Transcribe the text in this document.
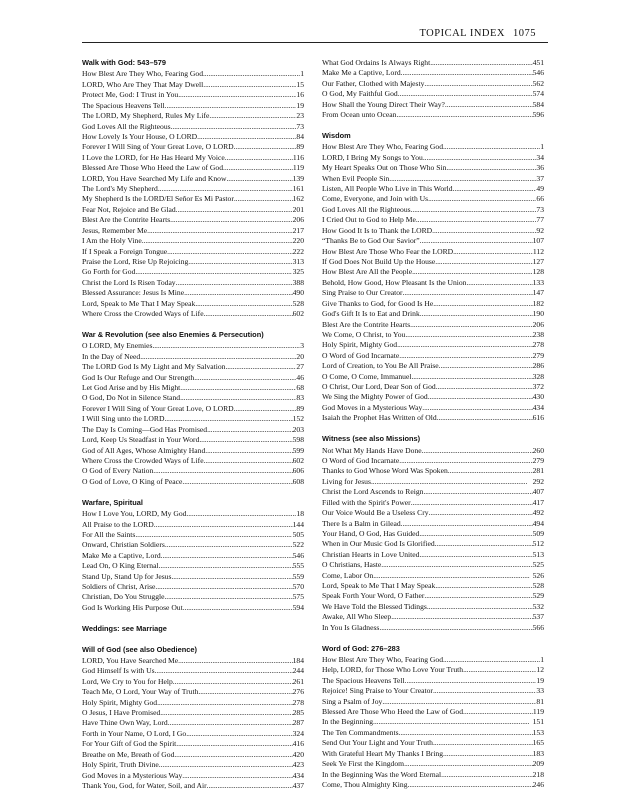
TOPICAL INDEX 1075
Walk with God: 543–579
How Blest Are They Who, Fearing God . . .	1
LORD, Who Are They That May Dwell . . .	15
Protect Me, God: I Trust in You . . .	16
The Spacious Heavens Tell . . .	19
The LORD, My Shepherd, Rules My Life . . .	23
God Loves All the Righteous . . .	73
How Lovely Is Your House, O LORD . . .	84
Forever I Will Sing of Your Great Love, O LORD . . .	89
I Love the LORD, for He Has Heard My Voice . . .	116
Blessed Are Those Who Heed the Law of God . . .	119
LORD, You Have Searched My Life and Know . . .	139
The Lord's My Shepherd . . .	161
My Shepherd Is the LORD/El Señor Es Mi Pastor . . .	162
Fear Not, Rejoice and Be Glad . . .	201
Blest Are the Contrite Hearts . . .	206
Jesus, Remember Me . . .	217
I Am the Holy Vine . . .	220
If I Speak a Foreign Tongue . . .	222
Praise the Lord, Rise Up Rejoicing . . .	313
Go Forth for God . . .	325
Christ the Lord Is Risen Today . . .	388
Blessed Assurance: Jesus Is Mine . . .	490
Lord, Speak to Me That I May Speak . . .	528
Where Cross the Crowded Ways of Life . . .	602
War & Revolution (see also Enemies & Persecution)
O LORD, My Enemies . . .	3
In the Day of Need . . .	20
The LORD God Is My Light and My Salvation . . .	27
God Is Our Refuge and Our Strength . . .	46
Let God Arise and by His Might . . .	68
O God, Do Not in Silence Stand . . .	83
Forever I Will Sing of Your Great Love, O LORD . . .	89
I Will Sing unto the LORD . . .	152
The Day Is Coming—God Has Promised . . .	203
Lord, Keep Us Steadfast in Your Word . . .	598
God of All Ages, Whose Almighty Hand . . .	599
Where Cross the Crowded Ways of Life . . .	602
O God of Every Nation . . .	606
O God of Love, O King of Peace . . .	608
Warfare, Spiritual
How I Love You, LORD, My God . . .	18
All Praise to the LORD . . .	144
For All the Saints . . .	505
Onward, Christian Soldiers . . .	522
Make Me a Captive, Lord . . .	546
Lead On, O King Eternal . . .	555
Stand Up, Stand Up for Jesus . . .	559
Soldiers of Christ, Arise . . .	570
Christian, Do You Struggle . . .	575
God Is Working His Purpose Out . . .	594
Weddings: see Marriage
Will of God (see also Obedience)
LORD, You Have Searched Me . . .	184
God Himself Is with Us . . .	244
Lord, We Cry to You for Help . . .	261
Teach Me, O Lord, Your Way of Truth . . .	276
Holy Spirit, Mighty God . . .	278
O Jesus, I Have Promised . . .	285
Have Thine Own Way, Lord . . .	287
Forth in Your Name, O Lord, I Go . . .	324
For Your Gift of God the Spirit . . .	416
Breathe on Me, Breath of God . . .	420
Holy Spirit, Truth Divine . . .	423
God Moves in a Mysterious Way . . .	434
Thank You, God, for Water, Soil, and Air . . .	437
What God Ordains Is Always Right . . .	451
Make Me a Captive, Lord . . .	546
Our Father, Clothed with Majesty . . .	562
O God, My Faithful God . . .	574
How Shall the Young Direct Their Way? . . .	584
From Ocean unto Ocean . . .	596
Wisdom
How Blest Are They Who, Fearing God . . .	1
LORD, I Bring My Songs to You . . .	34
My Heart Speaks Out on Those Who Sin . . .	36
When Evil People Sin . . .	37
Listen, All People Who Live in This World . . .	49
Come, Everyone, and Join with Us . . .	66
God Loves All the Righteous . . .	73
I Cried Out to God to Help Me . . .	77
How Good It Is to Thank the LORD . . .	92
“Thanks Be to God Our Savior” . . .	107
How Blest Are Those Who Fear the LORD . . .	112
If God Does Not Build Up the House . . .	127
How Blest Are All the People . . .	128
Behold, How Good, How Pleasant Is the Union . . .	133
Sing Praise to Our Creator . . .	147
Give Thanks to God, for Good Is He . . .	182
God's Gift It Is to Eat and Drink . . .	190
Blest Are the Contrite Hearts . . .	206
We Come, O Christ, to You . . .	238
Holy Spirit, Mighty God . . .	278
O Word of God Incarnate . . .	279
Lord of Creation, to You Be All Praise . . .	286
O Come, O Come, Immanuel . . .	328
O Christ, Our Lord, Dear Son of God . . .	372
We Sing the Mighty Power of God . . .	430
God Moves in a Mysterious Way . . .	434
Isaiah the Prophet Has Written of Old . . .	616
Witness (see also Missions)
Not What My Hands Have Done . . .	260
O Word of God Incarnate . . .	279
Thanks to God Whose Word Was Spoken . . .	281
Living for Jesus . . .	292
Christ the Lord Ascends to Reign . . .	407
Filled with the Spirit's Power . . .	417
Our Voice Would Be a Useless Cry . . .	492
There Is a Balm in Gilead . . .	494
Your Hand, O God, Has Guided . . .	509
When in Our Music God Is Glorified . . .	512
Christian Hearts in Love United . . .	513
O Christians, Haste . . .	525
Come, Labor On . . .	526
Lord, Speak to Me That I May Speak . . .	528
Speak Forth Your Word, O Father . . .	529
We Have Told the Blessed Tidings . . .	532
Awake, All Who Sleep . . .	537
In You Is Gladness . . .	566
Word of God: 276–283
How Blest Are They Who, Fearing God . . .	1
Help, LORD, for Those Who Love Your Truth . . .	12
The Spacious Heavens Tell . . .	19
Rejoice! Sing Praise to Your Creator . . .	33
Sing a Psalm of Joy . . .	81
Blessed Are Those Who Heed the Law of God . . .	119
In the Beginning . . .	151
The Ten Commandments . . .	153
Send Out Your Light and Your Truth . . .	165
With Grateful Heart My Thanks I Bring . . .	183
Seek Ye First the Kingdom . . .	209
In the Beginning Was the Word Eternal . . .	218
Come, Thou Almighty King . . .	246
